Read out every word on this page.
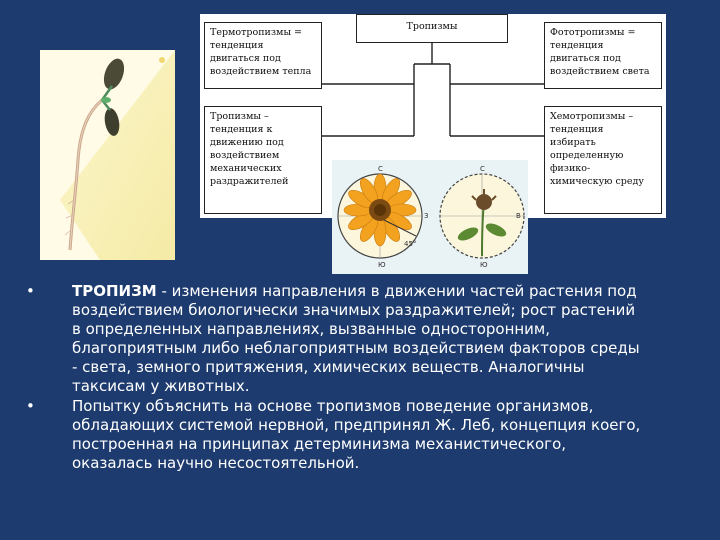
Тропизмы
Термотропизмы =
тенденция
двигаться под
воздействием тепла
Фототропизмы =
тенденция
двигаться под
воздействием света
Тропизмы –
тенденция к
движению под
воздействием
механических
раздражителей
Хемотропизмы –
тенденция
избирать
определенную
физико-
химическую среду
С
Ю
З
45°
С
Ю
В
•	ТРОПИЗМ - изменения направления в движении частей растения под
воздействием биологически значимых раздражителей; рост растений
в определенных направлениях, вызванные односторонним,
благоприятным либо неблагоприятным воздействием факторов среды
- света, земного притяжения, химических веществ. Аналогичны
таксисам у животных.
•	Попытку объяснить на основе тропизмов поведение организмов,
обладающих системой нервной, предпринял Ж. Леб, концепция коего,
построенная на принципах детерминизма механистического,
оказалась научно несостоятельной.
